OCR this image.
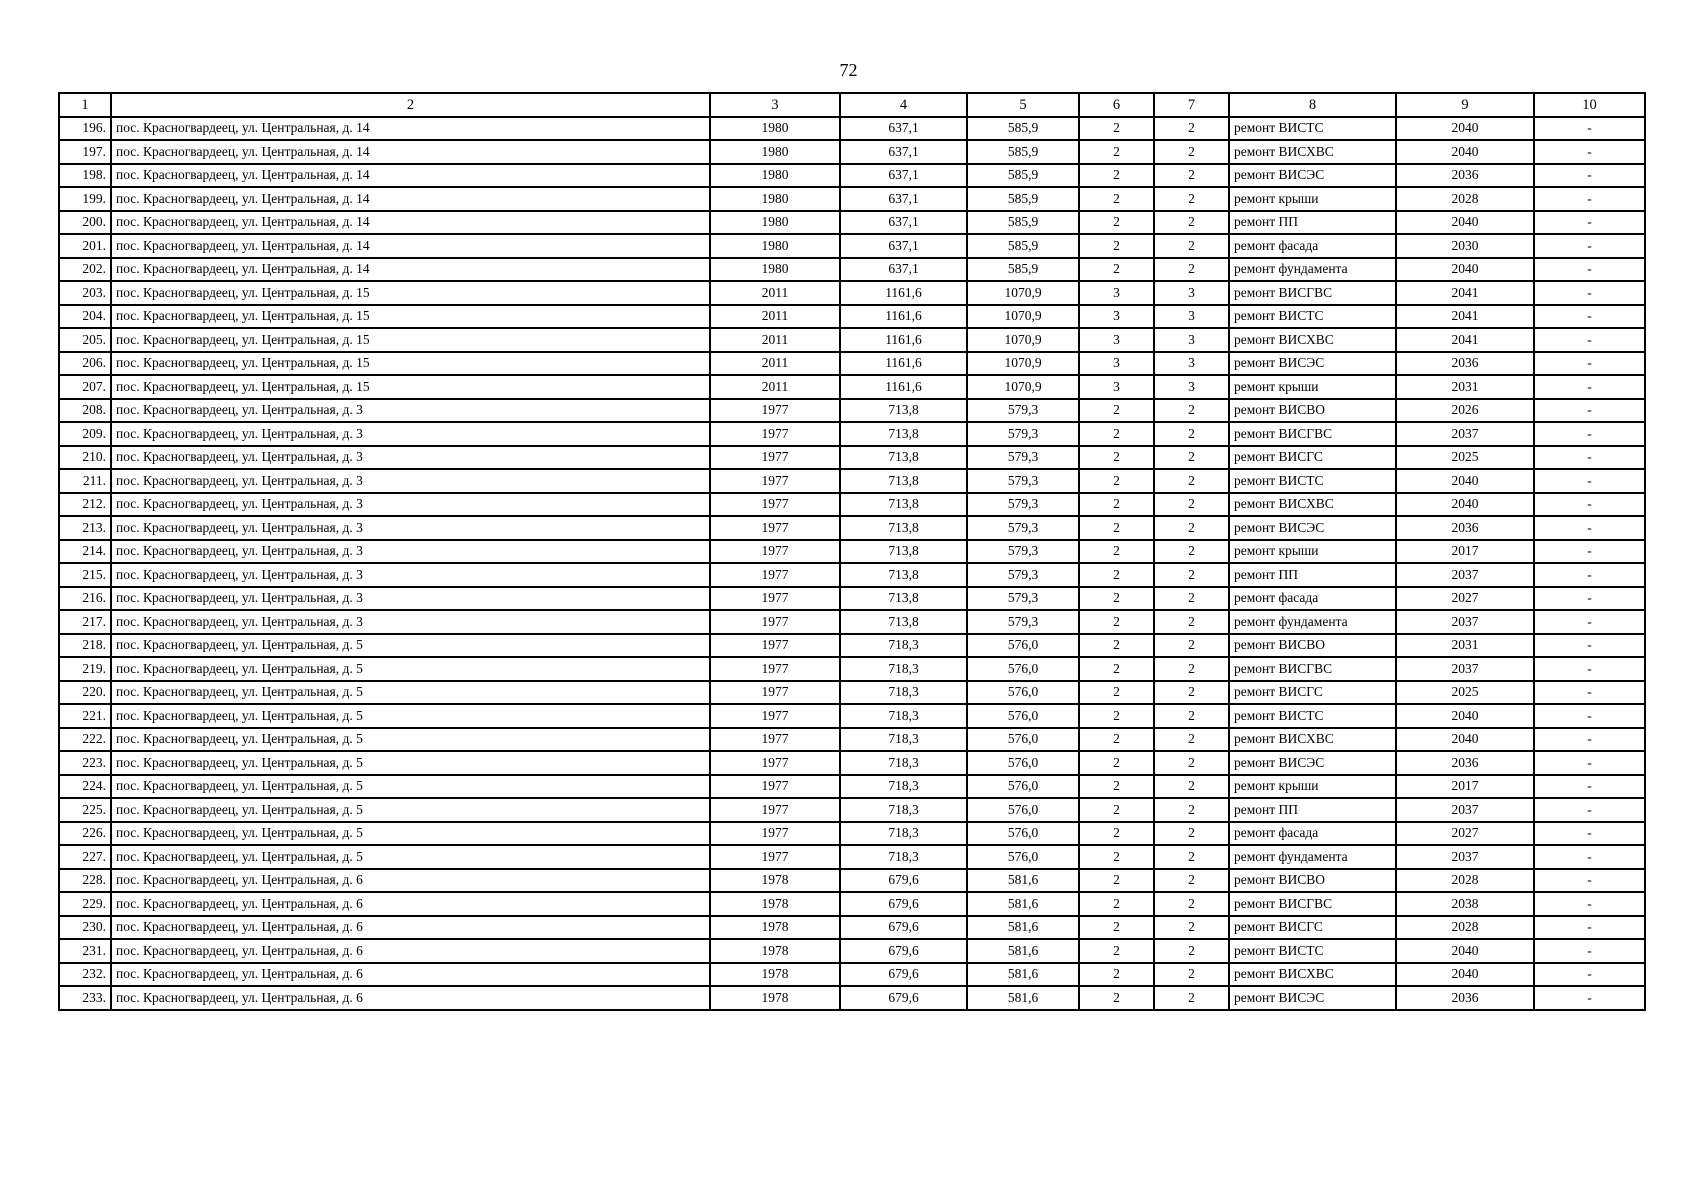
72
1	2	3	4	5	6	7	8	9	10
196.	пос. Красногвардеец, ул. Центральная, д. 14	1980	637,1	585,9	2	2	ремонт ВИСТС	2040	-
197.	пос. Красногвардеец, ул. Центральная, д. 14	1980	637,1	585,9	2	2	ремонт ВИСХВС	2040	-
198.	пос. Красногвардеец, ул. Центральная, д. 14	1980	637,1	585,9	2	2	ремонт ВИСЭС	2036	-
199.	пос. Красногвардеец, ул. Центральная, д. 14	1980	637,1	585,9	2	2	ремонт крыши	2028	-
200.	пос. Красногвардеец, ул. Центральная, д. 14	1980	637,1	585,9	2	2	ремонт ПП	2040	-
201.	пос. Красногвардеец, ул. Центральная, д. 14	1980	637,1	585,9	2	2	ремонт фасада	2030	-
202.	пос. Красногвардеец, ул. Центральная, д. 14	1980	637,1	585,9	2	2	ремонт фундамента	2040	-
203.	пос. Красногвардеец, ул. Центральная, д. 15	2011	1161,6	1070,9	3	3	ремонт ВИСГВС	2041	-
204.	пос. Красногвардеец, ул. Центральная, д. 15	2011	1161,6	1070,9	3	3	ремонт ВИСТС	2041	-
205.	пос. Красногвардеец, ул. Центральная, д. 15	2011	1161,6	1070,9	3	3	ремонт ВИСХВС	2041	-
206.	пос. Красногвардеец, ул. Центральная, д. 15	2011	1161,6	1070,9	3	3	ремонт ВИСЭС	2036	-
207.	пос. Красногвардеец, ул. Центральная, д. 15	2011	1161,6	1070,9	3	3	ремонт крыши	2031	-
208.	пос. Красногвардеец, ул. Центральная, д. 3	1977	713,8	579,3	2	2	ремонт ВИСВО	2026	-
209.	пос. Красногвардеец, ул. Центральная, д. 3	1977	713,8	579,3	2	2	ремонт ВИСГВС	2037	-
210.	пос. Красногвардеец, ул. Центральная, д. 3	1977	713,8	579,3	2	2	ремонт ВИСГС	2025	-
211.	пос. Красногвардеец, ул. Центральная, д. 3	1977	713,8	579,3	2	2	ремонт ВИСТС	2040	-
212.	пос. Красногвардеец, ул. Центральная, д. 3	1977	713,8	579,3	2	2	ремонт ВИСХВС	2040	-
213.	пос. Красногвардеец, ул. Центральная, д. 3	1977	713,8	579,3	2	2	ремонт ВИСЭС	2036	-
214.	пос. Красногвардеец, ул. Центральная, д. 3	1977	713,8	579,3	2	2	ремонт крыши	2017	-
215.	пос. Красногвардеец, ул. Центральная, д. 3	1977	713,8	579,3	2	2	ремонт ПП	2037	-
216.	пос. Красногвардеец, ул. Центральная, д. 3	1977	713,8	579,3	2	2	ремонт фасада	2027	-
217.	пос. Красногвардеец, ул. Центральная, д. 3	1977	713,8	579,3	2	2	ремонт фундамента	2037	-
218.	пос. Красногвардеец, ул. Центральная, д. 5	1977	718,3	576,0	2	2	ремонт ВИСВО	2031	-
219.	пос. Красногвардеец, ул. Центральная, д. 5	1977	718,3	576,0	2	2	ремонт ВИСГВС	2037	-
220.	пос. Красногвардеец, ул. Центральная, д. 5	1977	718,3	576,0	2	2	ремонт ВИСГС	2025	-
221.	пос. Красногвардеец, ул. Центральная, д. 5	1977	718,3	576,0	2	2	ремонт ВИСТС	2040	-
222.	пос. Красногвардеец, ул. Центральная, д. 5	1977	718,3	576,0	2	2	ремонт ВИСХВС	2040	-
223.	пос. Красногвардеец, ул. Центральная, д. 5	1977	718,3	576,0	2	2	ремонт ВИСЭС	2036	-
224.	пос. Красногвардеец, ул. Центральная, д. 5	1977	718,3	576,0	2	2	ремонт крыши	2017	-
225.	пос. Красногвардеец, ул. Центральная, д. 5	1977	718,3	576,0	2	2	ремонт ПП	2037	-
226.	пос. Красногвардеец, ул. Центральная, д. 5	1977	718,3	576,0	2	2	ремонт фасада	2027	-
227.	пос. Красногвардеец, ул. Центральная, д. 5	1977	718,3	576,0	2	2	ремонт фундамента	2037	-
228.	пос. Красногвардеец, ул. Центральная, д. 6	1978	679,6	581,6	2	2	ремонт ВИСВО	2028	-
229.	пос. Красногвардеец, ул. Центральная, д. 6	1978	679,6	581,6	2	2	ремонт ВИСГВС	2038	-
230.	пос. Красногвардеец, ул. Центральная, д. 6	1978	679,6	581,6	2	2	ремонт ВИСГС	2028	-
231.	пос. Красногвардеец, ул. Центральная, д. 6	1978	679,6	581,6	2	2	ремонт ВИСТС	2040	-
232.	пос. Красногвардеец, ул. Центральная, д. 6	1978	679,6	581,6	2	2	ремонт ВИСХВС	2040	-
233.	пос. Красногвардеец, ул. Центральная, д. 6	1978	679,6	581,6	2	2	ремонт ВИСЭС	2036	-
